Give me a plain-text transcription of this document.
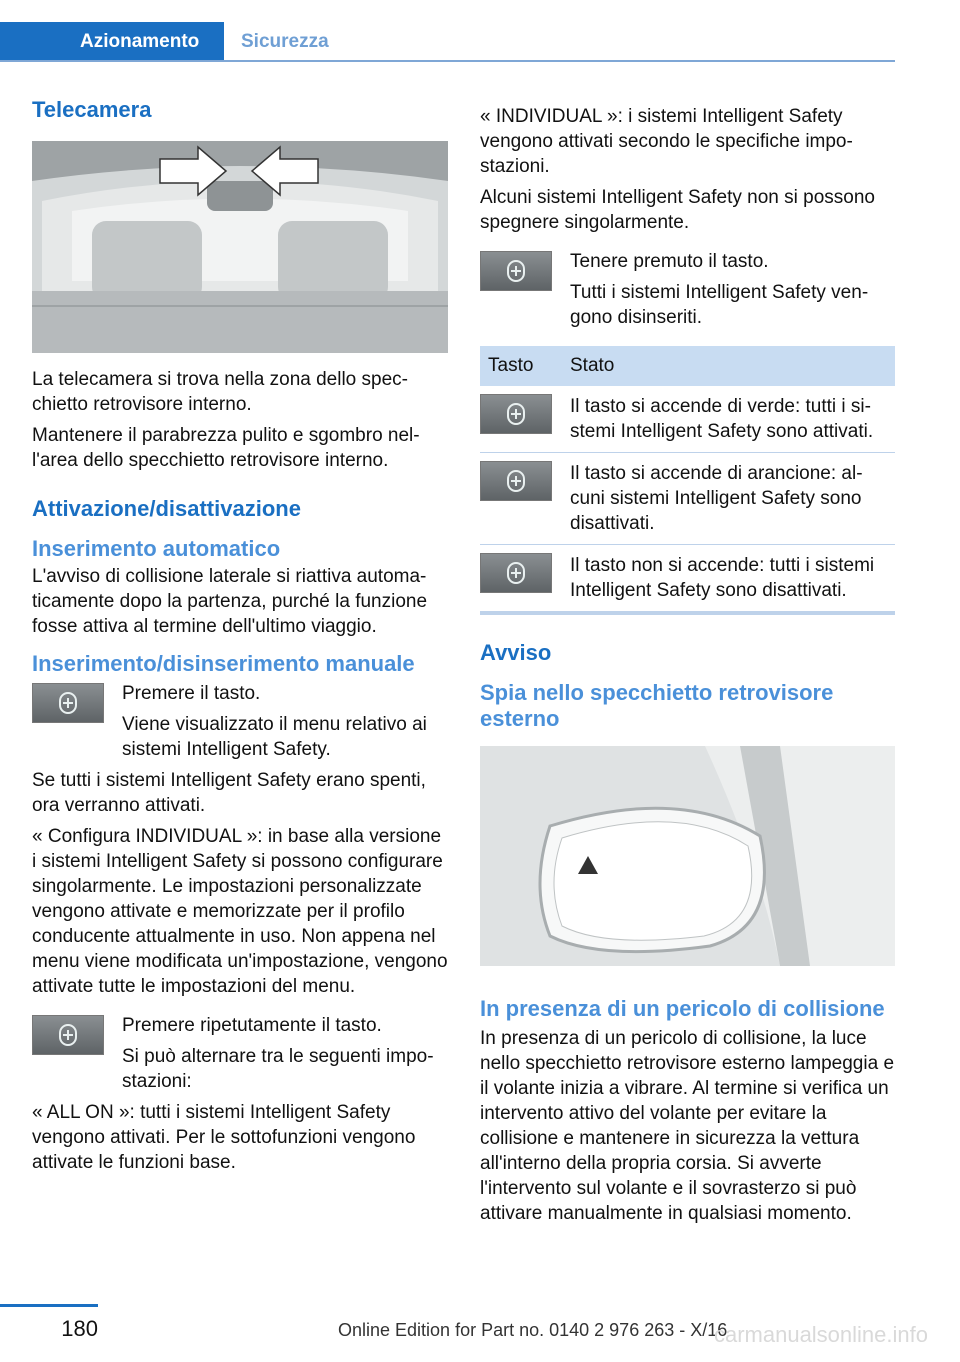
Azionamento	Sicurezza
Telecamera

La telecamera si trova nella zona dello specchietto retrovisore interno.

Mantenere il parabrezza pulito e sgombro nell'area dello specchietto retrovisore interno.

Attivazione/disattivazione
Inserimento automatico

L'avviso di collisione laterale si riattiva automaticamente dopo la partenza, purché la funzione fosse attiva al termine dell'ultimo viaggio.

Inserimento/disinserimento manuale

Premere il tasto.

Viene visualizzato il menu relativo ai sistemi Intelligent Safety.

Se tutti i sistemi Intelligent Safety erano spenti, ora verranno attivati.

« Configura INDIVIDUAL »: in base alla versione i sistemi Intelligent Safety si possono configurare singolarmente. Le impostazioni personalizzate vengono attivate e memorizzate per il profilo conducente attualmente in uso. Non appena nel menu viene modificata un'impostazione, vengono attivate tutte le impostazioni del menu.

Premere ripetutamente il tasto.

Si può alternare tra le seguenti impostazioni:

« ALL ON »: tutti i sistemi Intelligent Safety vengono attivati. Per le sottofunzioni vengono attivate le funzioni base.

« INDIVIDUAL »: i sistemi Intelligent Safety vengono attivati secondo le specifiche impostazioni.

Alcuni sistemi Intelligent Safety non si possono spegnere singolarmente.

Tenere premuto il tasto.

Tutti i sistemi Intelligent Safety vengono disinseriti.

Tasto	Stato

	Il tasto si accende di verde: tutti i sistemi Intelligent Safety sono attivati.

	Il tasto si accende di arancione: alcuni sistemi Intelligent Safety sono disattivati.

	Il tasto non si accende: tutti i sistemi Intelligent Safety sono disattivati.
Avviso
Spia nello specchietto retrovisore esterno
In presenza di un pericolo di collisione

In presenza di un pericolo di collisione, la luce nello specchietto retrovisore esterno lampeggia e il volante inizia a vibrare. Al termine si verifica un intervento attivo del volante per evitare la collisione e mantenere in sicurezza la vettura all'interno della propria corsia. Si avverte l'intervento sul volante e il sovrasterzo si può attivare manualmente in qualsiasi momento.

180	Online Edition for Part no. 0140 2 976 263 - X/16
carmanualsonline.info
